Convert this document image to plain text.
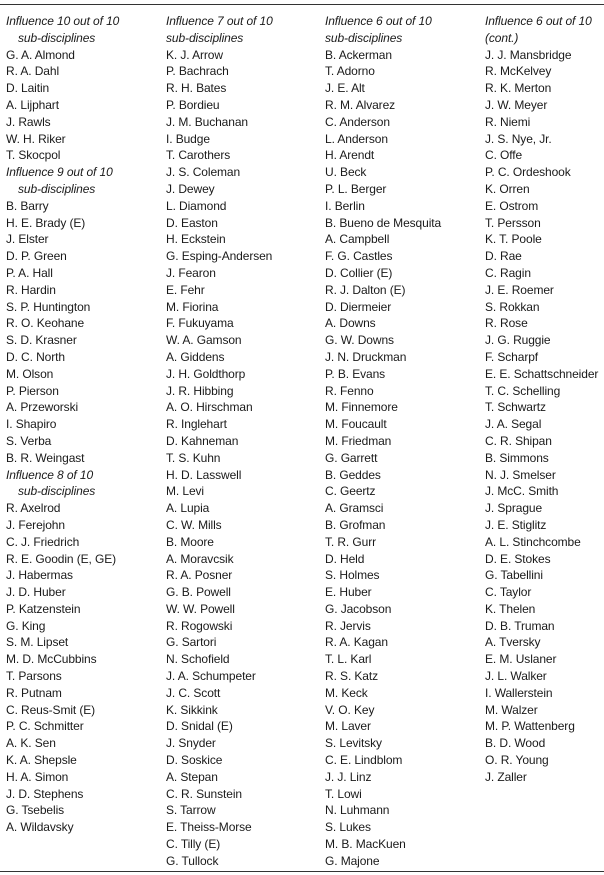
Influence 10 out of 10
sub-disciplines
G. A. Almond
R. A. Dahl
D. Laitin
A. Lijphart
J. Rawls
W. H. Riker
T. Skocpol
Influence 9 out of 10
sub-disciplines
B. Barry
H. E. Brady (E)
J. Elster
D. P. Green
P. A. Hall
R. Hardin
S. P. Huntington
R. O. Keohane
S. D. Krasner
D. C. North
M. Olson
P. Pierson
A. Przeworski
I. Shapiro
S. Verba
B. R. Weingast
Influence 8 of 10
sub-disciplines
R. Axelrod
J. Ferejohn
C. J. Friedrich
R. E. Goodin (E, GE)
J. Habermas
J. D. Huber
P. Katzenstein
G. King
S. M. Lipset
M. D. McCubbins
T. Parsons
R. Putnam
C. Reus-Smit (E)
P. C. Schmitter
A. K. Sen
K. A. Shepsle
H. A. Simon
J. D. Stephens
G. Tsebelis
A. Wildavsky
Influence 7 out of 10
sub-disciplines
K. J. Arrow
P. Bachrach
R. H. Bates
P. Bordieu
J. M. Buchanan
I. Budge
T. Carothers
J. S. Coleman
J. Dewey
L. Diamond
D. Easton
H. Eckstein
G. Esping-Andersen
J. Fearon
E. Fehr
M. Fiorina
F. Fukuyama
W. A. Gamson
A. Giddens
J. H. Goldthorp
J. R. Hibbing
A. O. Hirschman
R. Inglehart
D. Kahneman
T. S. Kuhn
H. D. Lasswell
M. Levi
A. Lupia
C. W. Mills
B. Moore
A. Moravcsik
R. A. Posner
G. B. Powell
W. W. Powell
R. Rogowski
G. Sartori
N. Schofield
J. A. Schumpeter
J. C. Scott
K. Sikkink
D. Snidal (E)
J. Snyder
D. Soskice
A. Stepan
C. R. Sunstein
S. Tarrow
E. Theiss-Morse
C. Tilly (E)
G. Tullock
Influence 6 out of 10
sub-disciplines
B. Ackerman
T. Adorno
J. E. Alt
R. M. Alvarez
C. Anderson
L. Anderson
H. Arendt
U. Beck
P. L. Berger
I. Berlin
B. Bueno de Mesquita
A. Campbell
F. G. Castles
D. Collier (E)
R. J. Dalton (E)
D. Diermeier
A. Downs
G. W. Downs
J. N. Druckman
P. B. Evans
R. Fenno
M. Finnemore
M. Foucault
M. Friedman
G. Garrett
B. Geddes
C. Geertz
A. Gramsci
B. Grofman
T. R. Gurr
D. Held
S. Holmes
E. Huber
G. Jacobson
R. Jervis
R. A. Kagan
T. L. Karl
R. S. Katz
M. Keck
V. O. Key
M. Laver
S. Levitsky
C. E. Lindblom
J. J. Linz
T. Lowi
N. Luhmann
S. Lukes
M. B. MacKuen
G. Majone
Influence 6 out of 10
(cont.)
J. J. Mansbridge
R. McKelvey
R. K. Merton
J. W. Meyer
R. Niemi
J. S. Nye, Jr.
C. Offe
P. C. Ordeshook
K. Orren
E. Ostrom
T. Persson
K. T. Poole
D. Rae
C. Ragin
J. E. Roemer
S. Rokkan
R. Rose
J. G. Ruggie
F. Scharpf
E. E. Schattschneider
T. C. Schelling
T. Schwartz
J. A. Segal
C. R. Shipan
B. Simmons
N. J. Smelser
J. McC. Smith
J. Sprague
J. E. Stiglitz
A. L. Stinchcombe
D. E. Stokes
G. Tabellini
C. Taylor
K. Thelen
D. B. Truman
A. Tversky
E. M. Uslaner
J. L. Walker
I. Wallerstein
M. Walzer
M. P. Wattenberg
B. D. Wood
O. R. Young
J. Zaller
